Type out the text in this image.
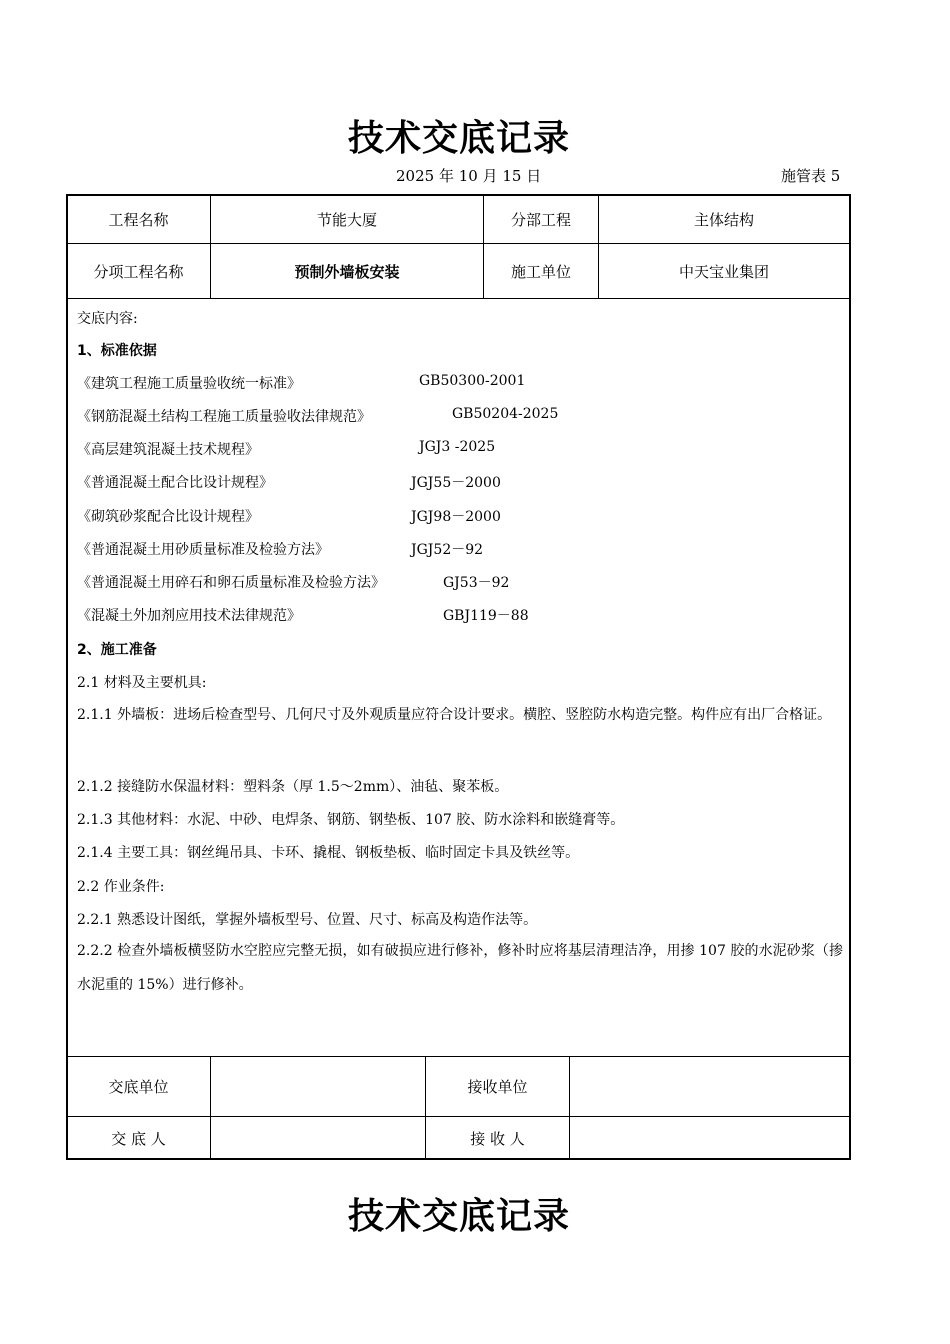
技术交底记录
2025 年 10 月 15 日	施管表 5
工程名称	节能大厦	分部工程	主体结构
分项工程名称	预制外墙板安装	施工单位	中天宝业集团
交底内容:
1、标准依据
《建筑工程施工质量验收统一标准》	GB50300-2001
《钢筋混凝土结构工程施工质量验收法律规范》	GB50204-2025
《高层建筑混凝土技术规程》	JGJ3 -2025
《普通混凝土配合比设计规程》	JGJ55－2000
《砌筑砂浆配合比设计规程》	JGJ98－2000
《普通混凝土用砂质量标准及检验方法》	JGJ52－92
《普通混凝土用碎石和卵石质量标准及检验方法》	GJ53－92
《混凝土外加剂应用技术法律规范》	GBJ119－88
2、施工准备
2.1 材料及主要机具:
2.1.1 外墙板：进场后检查型号、几何尺寸及外观质量应符合设计要求。横腔、竖腔防水构造完整。构件应有出厂合格证。
2.1.2 接缝防水保温材料：塑料条（厚 1.5～2mm）、油毡、聚苯板。
2.1.3 其他材料：水泥、中砂、电焊条、钢筋、钢垫板、107 胶、防水涂料和嵌缝膏等。
2.1.4 主要工具：钢丝绳吊具、卡环、撬棍、钢板垫板、临时固定卡具及铁丝等。
2.2 作业条件:
2.2.1 熟悉设计图纸，掌握外墙板型号、位置、尺寸、标高及构造作法等。
2.2.2 检查外墙板横竖防水空腔应完整无损，如有破损应进行修补，修补时应将基层清理洁净，用掺 107 胶的水泥砂浆（掺水泥重的 15%）进行修补。
交底单位	接收单位
交 底 人	接 收 人
技术交底记录
